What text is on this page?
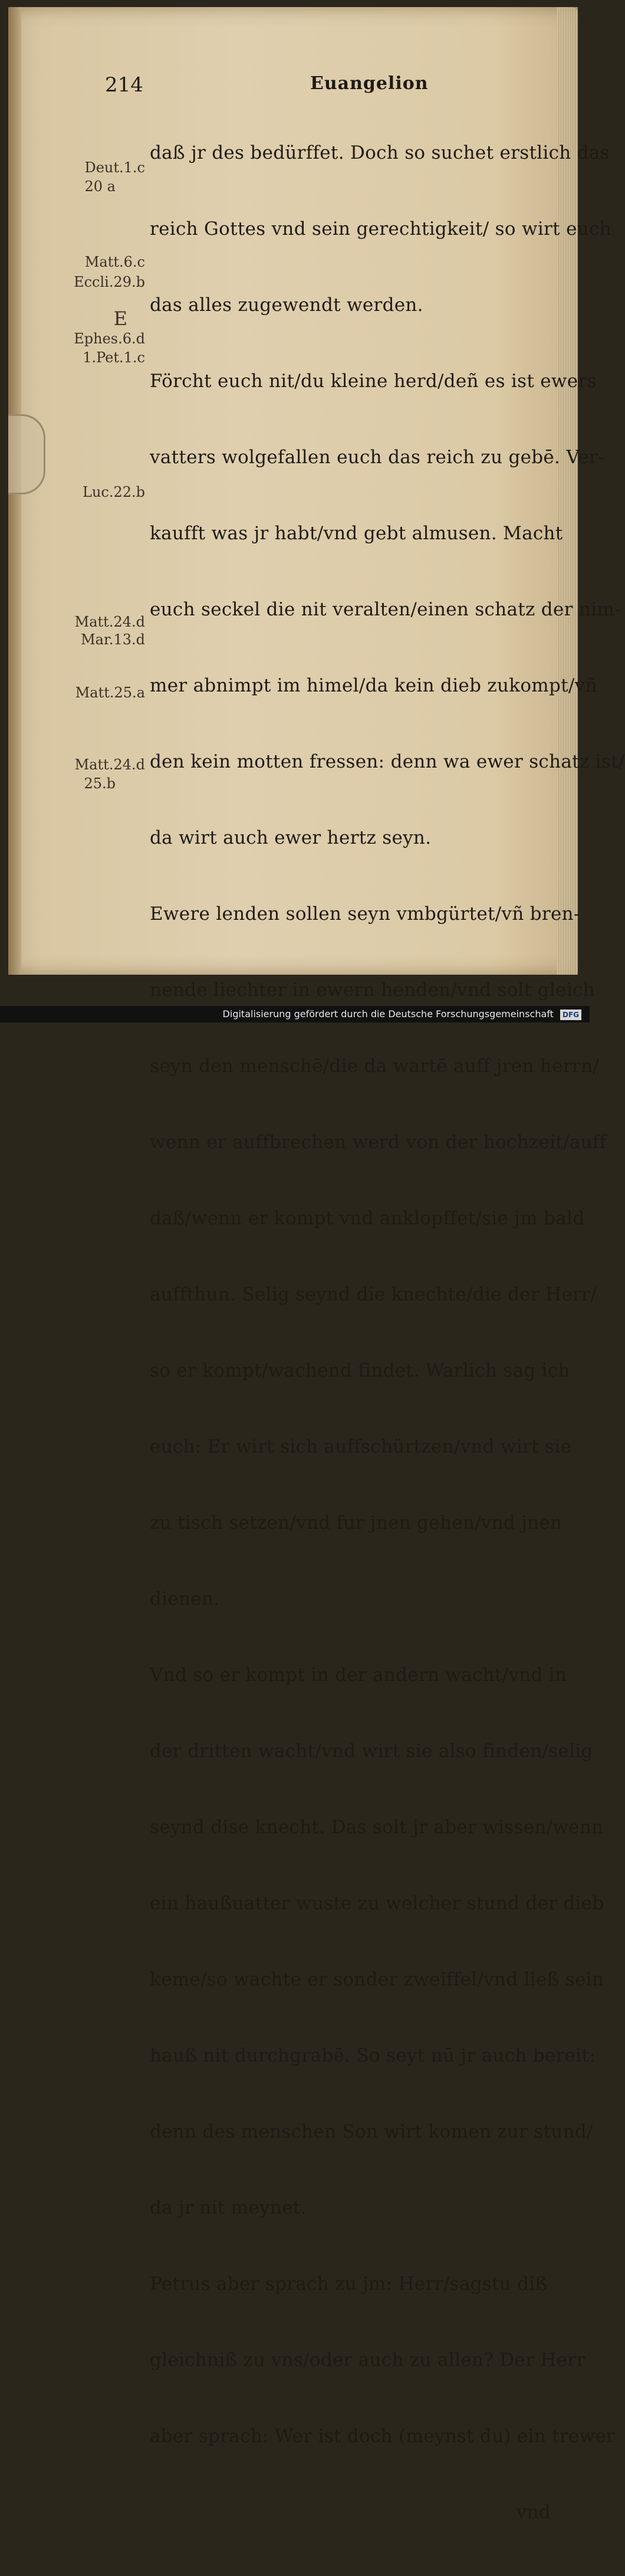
214	Euangelion
Deut.1.c
20 a
Matt.6.c
Eccli.29.b
E
Ephes.6.d
1.Pet.1.c
Luc.22.b
Matt.24.d
Mar.13.d
Matt.25.a
Matt.24.d
25.b

daß jr des bedürffet. Doch so suchet erstlich das

reich Gottes vnd sein gerechtigkeit/ so wirt euch

das alles zugewendt werden.

Förcht euch nit/du kleine herd/deñ es ist ewers

vatters wolgefallen euch das reich zu gebē. Ver-

kaufft was jr habt/vnd gebt almusen. Macht

euch seckel die nit veralten/einen schatz der nim-

mer abnimpt im himel/da kein dieb zukompt/vñ

den kein motten fressen: denn wa ewer schatz ist/

da wirt auch ewer hertz seyn.

Ewere lenden sollen seyn vmbgürtet/vñ bren-

nende liechter in ewern henden/vnd solt gleich

seyn den menschē/die da wartē auff jren herrn/

wenn er auffbrechen werd von der hochzeit/auff

daß/wenn er kompt vnd anklopffet/sie jm bald

auffthun. Selig seynd die knechte/die der Herr/

so er kompt/wachend findet. Warlich sag ich

euch: Er wirt sich auffschürtzen/vnd wirt sie

zu tisch setzen/vnd fur jnen gehen/vnd jnen

dienen.

Vnd so er kompt in der andern wacht/vnd in

der dritten wacht/vnd wirt sie also finden/selig

seynd dise knecht. Das solt jr aber wissen/wenn

ein haußuatter wuste zu welcher stund der dieb

keme/so wachte er sonder zweiffel/vnd ließ sein

hauß nit durchgrabē. So seyt nū jr auch bereit:

denn des menschen Son wirt komen zur stund/

da jr nit meynet.

Petrus aber sprach zu jm: Herr/sagstu diß

gleichniß zu vns/oder auch zu allen? Der Herr

aber sprach: Wer ist doch (meynst du) ein trewer

vnd

Digitalisierung gefördert durch die Deutsche Forschungsgemeinschaft DFG
